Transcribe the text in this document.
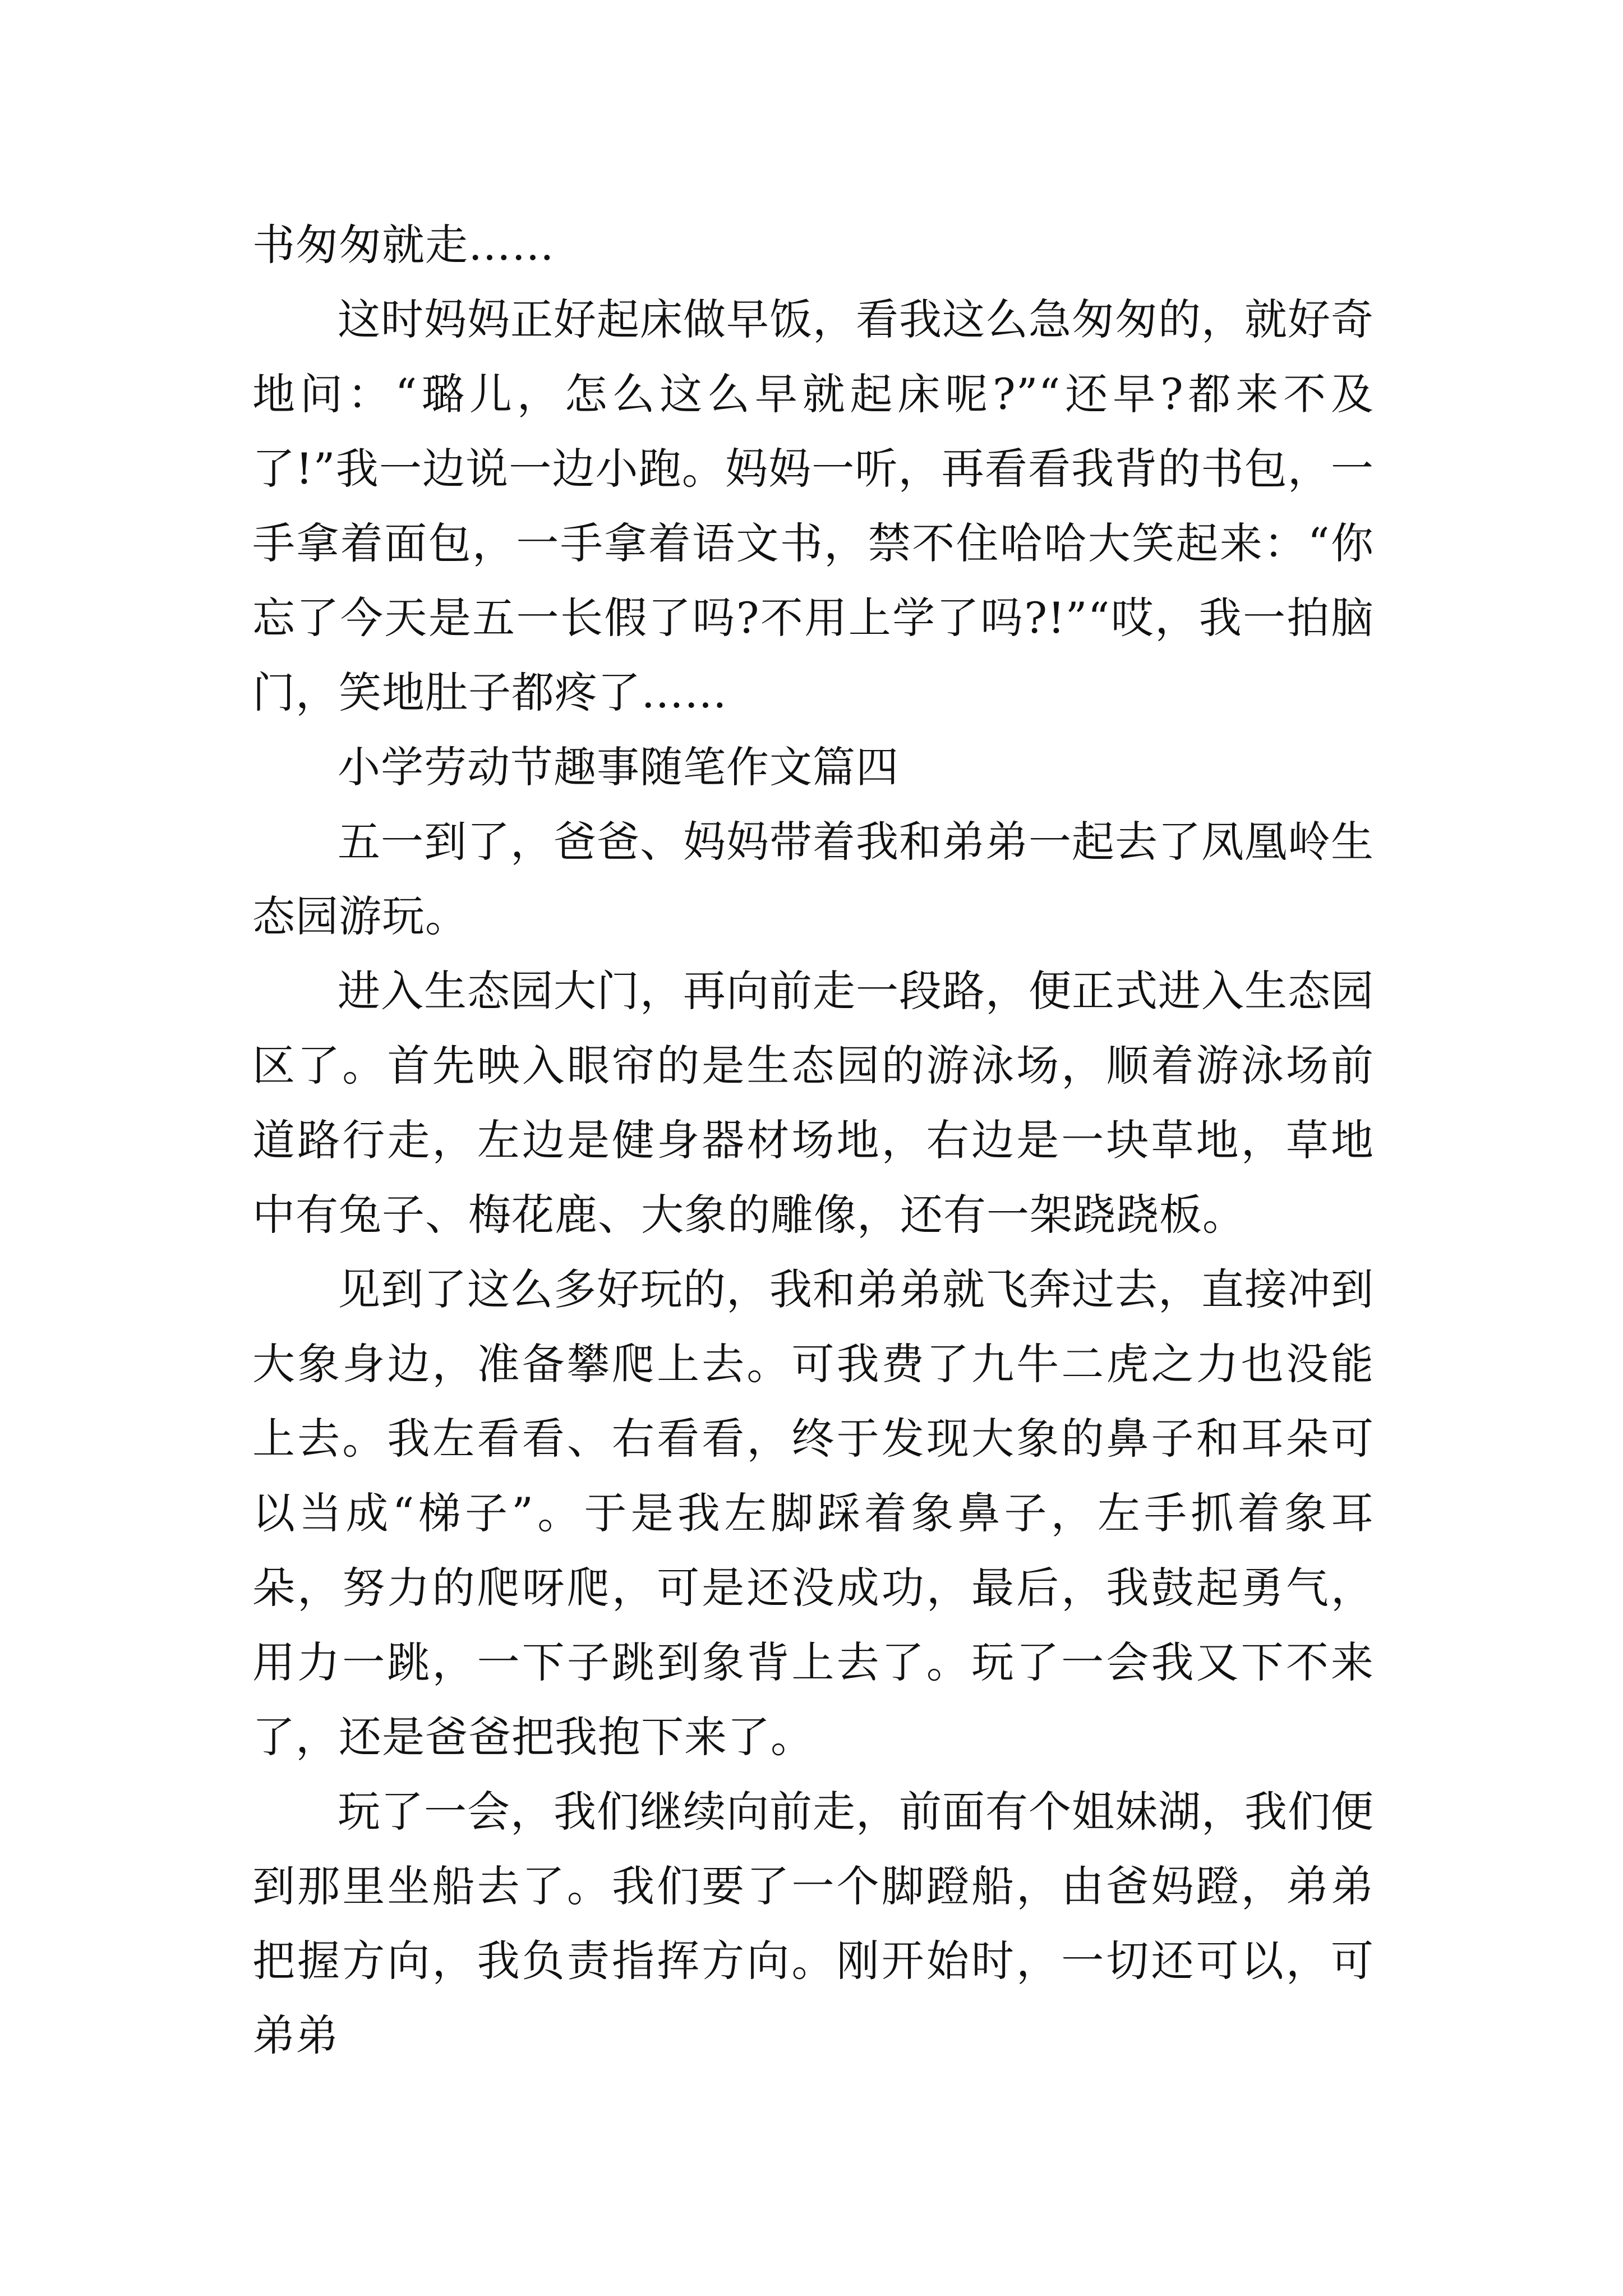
书匆匆就走……

这时妈妈正好起床做早饭，看我这么急匆匆的，就好奇地问：“璐儿，怎么这么早就起床呢?”“还早?都来不及了!”我一边说一边小跑。妈妈一听，再看看我背的书包，一手拿着面包，一手拿着语文书，禁不住哈哈大笑起来：“你忘了今天是五一长假了吗?不用上学了吗?!”“哎，我一拍脑门，笑地肚子都疼了……

小学劳动节趣事随笔作文篇四

五一到了，爸爸、妈妈带着我和弟弟一起去了凤凰岭生态园游玩。

进入生态园大门，再向前走一段路，便正式进入生态园区了。首先映入眼帘的是生态园的游泳场，顺着游泳场前道路行走，左边是健身器材场地，右边是一块草地，草地中有兔子、梅花鹿、大象的雕像，还有一架跷跷板。

见到了这么多好玩的，我和弟弟就飞奔过去，直接冲到大象身边，准备攀爬上去。可我费了九牛二虎之力也没能上去。我左看看、右看看，终于发现大象的鼻子和耳朵可以当成“梯子”。于是我左脚踩着象鼻子，左手抓着象耳朵，努力的爬呀爬，可是还没成功，最后，我鼓起勇气，用力一跳，一下子跳到象背上去了。玩了一会我又下不来了，还是爸爸把我抱下来了。

玩了一会，我们继续向前走，前面有个姐妹湖，我们便到那里坐船去了。我们要了一个脚蹬船，由爸妈蹬，弟弟把握方向，我负责指挥方向。刚开始时，一切还可以，可弟弟
